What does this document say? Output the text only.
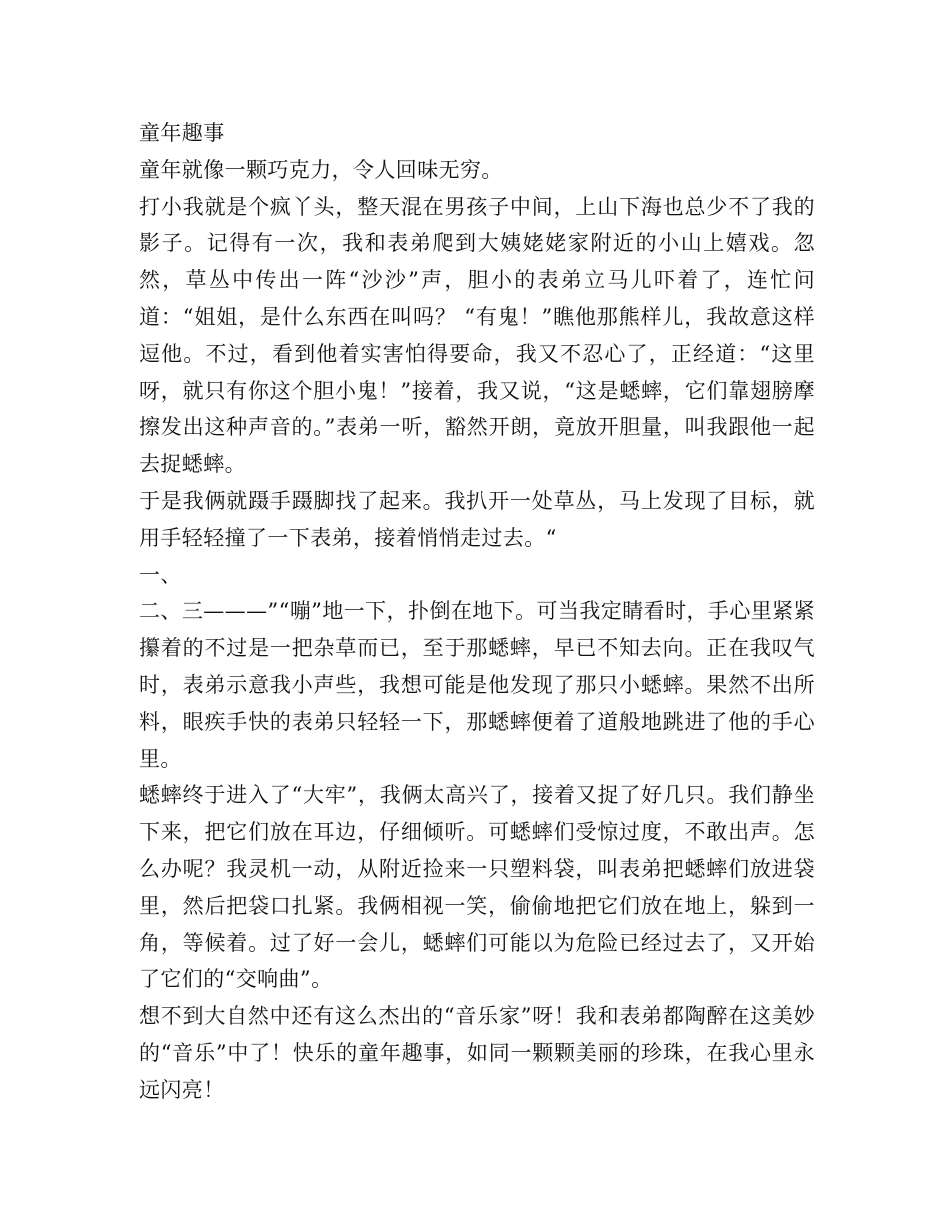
童年趣事

童年就像一颗巧克力，令人回味无穷。

打小我就是个疯丫头，整天混在男孩子中间，上山下海也总少不了我的影子。记得有一次，我和表弟爬到大姨姥姥家附近的小山上嬉戏。忽然，草丛中传出一阵“沙沙”声，胆小的表弟立马儿吓着了，连忙问道：“姐姐，是什么东西在叫吗？ “有鬼！”瞧他那熊样儿，我故意这样逗他。不过，看到他着实害怕得要命，我又不忍心了，正经道：“这里呀，就只有你这个胆小鬼！”接着，我又说，“这是蟋蟀，它们靠翅膀摩擦发出这种声音的。”表弟一听，豁然开朗，竟放开胆量，叫我跟他一起去捉蟋蟀。

于是我俩就蹑手蹑脚找了起来。我扒开一处草丛，马上发现了目标，就用手轻轻撞了一下表弟，接着悄悄走过去。“

一、

二、三———”“嘣”地一下，扑倒在地下。可当我定睛看时，手心里紧紧攥着的不过是一把杂草而已，至于那蟋蟀，早已不知去向。正在我叹气时，表弟示意我小声些，我想可能是他发现了那只小蟋蟀。果然不出所料，眼疾手快的表弟只轻轻一下，那蟋蟀便着了道般地跳进了他的手心里。

蟋蟀终于进入了“大牢”，我俩太高兴了，接着又捉了好几只。我们静坐下来，把它们放在耳边，仔细倾听。可蟋蟀们受惊过度，不敢出声。怎么办呢？我灵机一动，从附近捡来一只塑料袋，叫表弟把蟋蟀们放进袋里，然后把袋口扎紧。我俩相视一笑，偷偷地把它们放在地上，躲到一角，等候着。过了好一会儿，蟋蟀们可能以为危险已经过去了，又开始了它们的“交响曲”。

想不到大自然中还有这么杰出的“音乐家”呀！我和表弟都陶醉在这美妙的“音乐”中了！快乐的童年趣事，如同一颗颗美丽的珍珠，在我心里永远闪亮！
